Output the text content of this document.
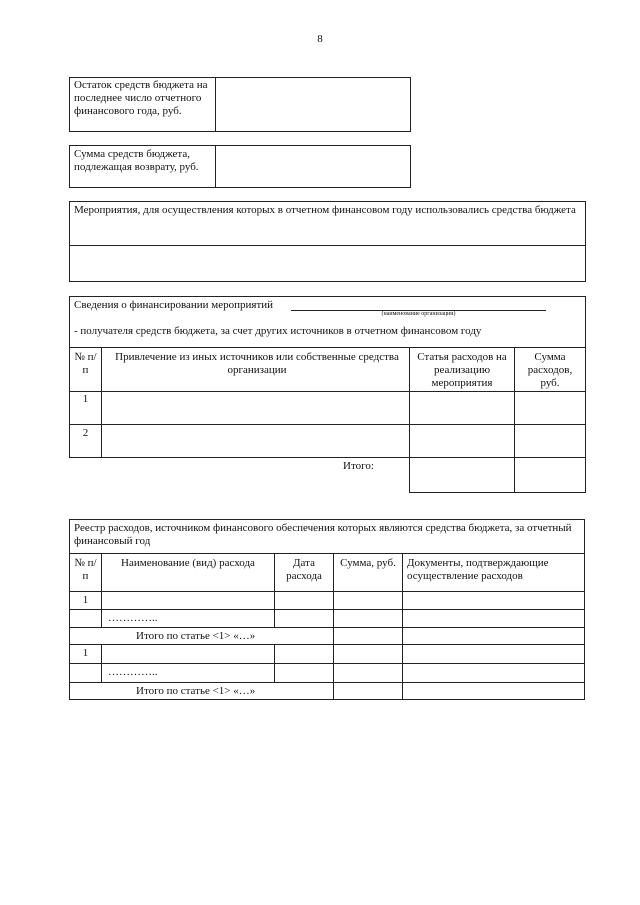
8
Остаток средств бюджета на последнее число отчетного финансового года, руб.
Сумма средств бюджета, подлежащая возврату, руб.
Мероприятия, для осуществления которых в отчетном финансовом году использовались средства бюджета
Сведения о финансировании мероприятий
(наименование организации)
- получателя средств бюджета, за счет других источников в отчетном финансовом году
№ п/п
Привлечение из иных источников или собственные средства организации
Статья расходов на реализацию мероприятия
Сумма расходов, руб.
1
2
Итого:
Реестр расходов, источником финансового обеспечения которых являются средства бюджета, за отчетный финансовый год
№ п/п
Наименование (вид) расхода	Дата расхода
Сумма, руб.	Документы, подтверждающие осуществление расходов
1
…………..
Итого по статье <1> «…»
1
…………..
Итого по статье <1> «…»
